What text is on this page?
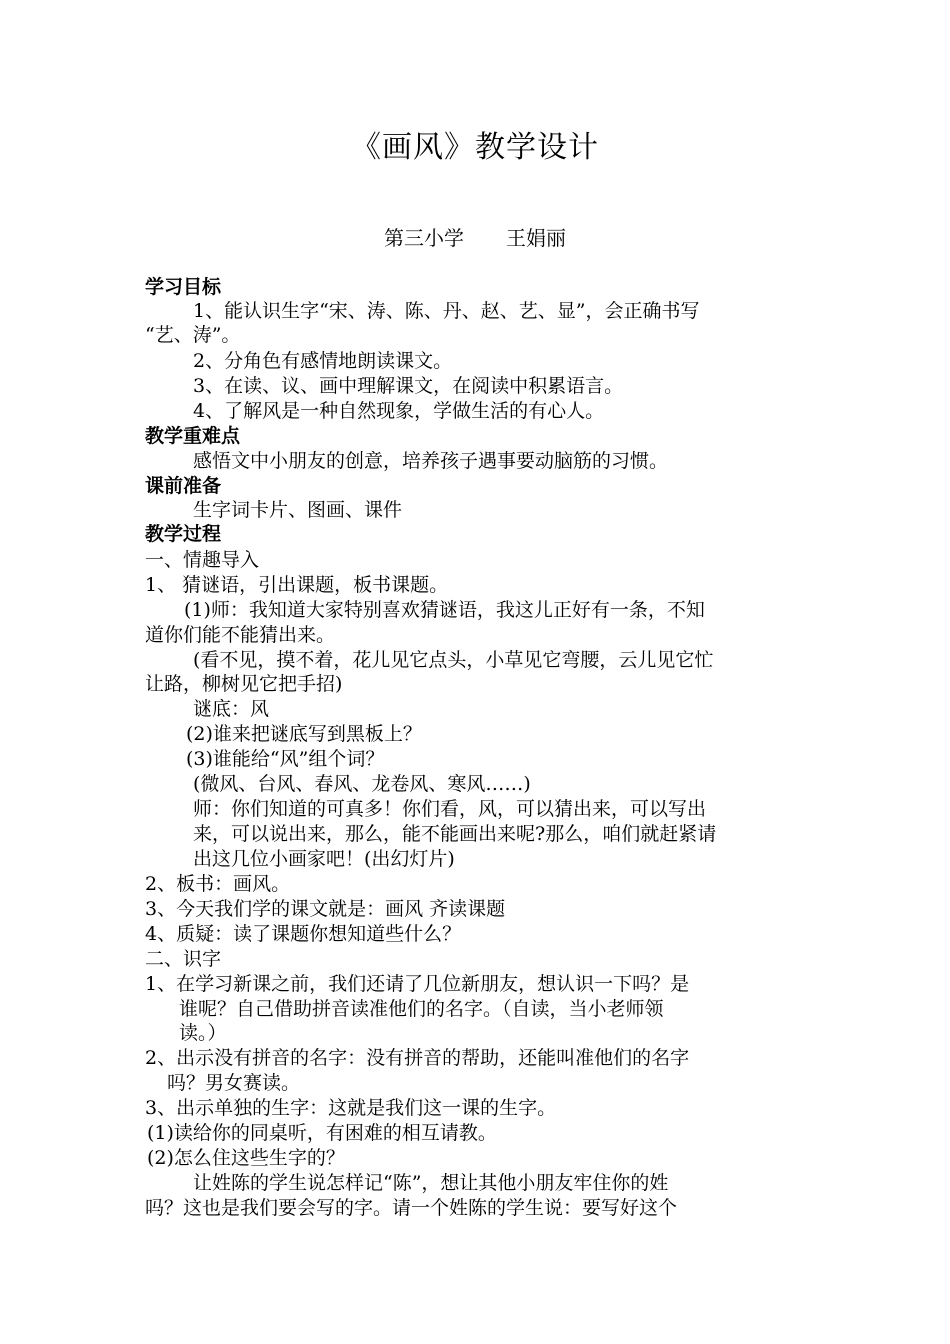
《画风》教学设计
第三小学 王娟丽
学习目标
1、能认识生字“宋、涛、陈、丹、赵、艺、显”，会正确书写
“艺、涛”。
2、分角色有感情地朗读课文。
3、在读、议、画中理解课文，在阅读中积累语言。
4、了解风是一种自然现象，学做生活的有心人。
教学重难点
感悟文中小朋友的创意，培养孩子遇事要动脑筋的习惯。
课前准备
生字词卡片、图画、课件
教学过程
一、情趣导入
1、 猜谜语，引出课题，板书课题。
(1)师：我知道大家特别喜欢猜谜语，我这儿正好有一条，不知
道你们能不能猜出来。
(看不见，摸不着，花儿见它点头，小草见它弯腰，云儿见它忙
让路，柳树见它把手招)
谜底：风
(2)谁来把谜底写到黑板上？
(3)谁能给“风”组个词？
(微风、台风、春风、龙卷风、寒风……)
师：你们知道的可真多！你们看，风，可以猜出来，可以写出
来，可以说出来，那么，能不能画出来呢?那么，咱们就赶紧请
出这几位小画家吧！(出幻灯片)
2、板书：画风。
3、今天我们学的课文就是：画风 齐读课题
4、质疑：读了课题你想知道些什么？
二、识字
1、在学习新课之前，我们还请了几位新朋友，想认识一下吗？是
谁呢？自己借助拼音读准他们的名字。（自读，当小老师领
读。）
2、出示没有拼音的名字：没有拼音的帮助，还能叫准他们的名字
吗？男女赛读。
3、出示单独的生字：这就是我们这一课的生字。
(1)读给你的同桌听，有困难的相互请教。
(2)怎么住这些生字的？
让姓陈的学生说怎样记“陈”，想让其他小朋友牢住你的姓
吗？这也是我们要会写的字。请一个姓陈的学生说：要写好这个
